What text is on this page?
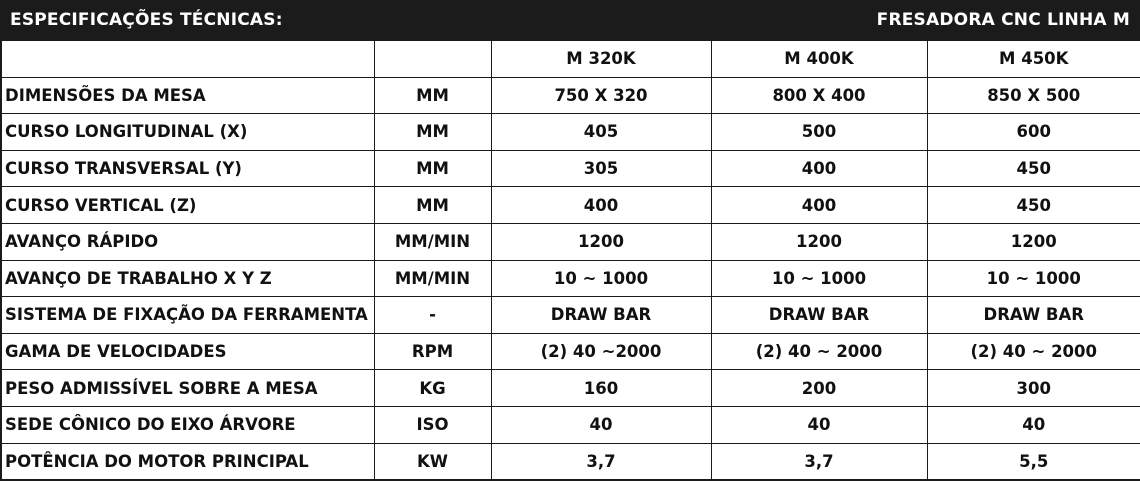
ESPECIFICAÇÕES TÉCNICAS:	FRESADORA CNC LINHA M
		M 320K	M 400K	M 450K
DIMENSÕES DA MESA	MM	750 X 320	800 X 400	850 X 500
CURSO LONGITUDINAL (X)	MM	405	500	600
CURSO TRANSVERSAL (Y)	MM	305	400	450
CURSO VERTICAL (Z)	MM	400	400	450
AVANÇO RÁPIDO	MM/MIN	1200	1200	1200
AVANÇO DE TRABALHO X Y Z	MM/MIN	10 ~ 1000	10 ~ 1000	10 ~ 1000
SISTEMA DE FIXAÇÃO DA FERRAMENTA	-	DRAW BAR	DRAW BAR	DRAW BAR
GAMA DE VELOCIDADES	RPM	(2) 40 ~2000	(2) 40 ~ 2000	(2) 40 ~ 2000
PESO ADMISSÍVEL SOBRE A MESA	KG	160	200	300
SEDE CÔNICO DO EIXO ÁRVORE	ISO	40	40	40
POTÊNCIA DO MOTOR PRINCIPAL	KW	3,7	3,7	5,5
